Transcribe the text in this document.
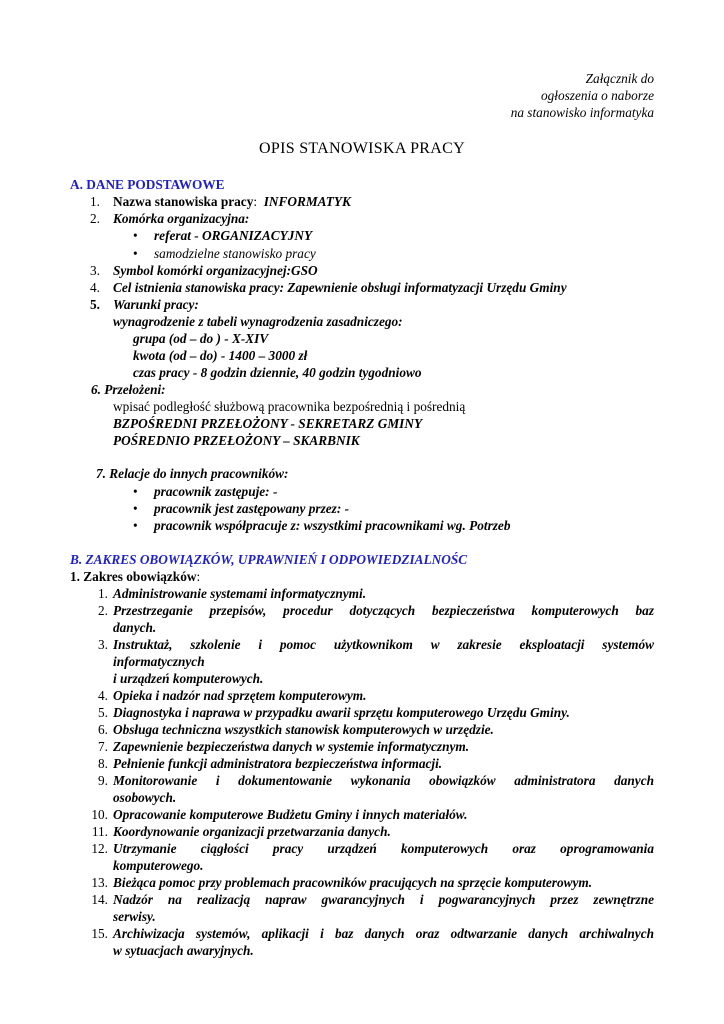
Załącznik do
ogłoszenia o naborze
na stanowisko informatyka
OPIS STANOWISKA PRACY
A. DANE PODSTAWOWE
1. Nazwa stanowiska pracy:  INFORMATYK
2. Komórka organizacyjna:
• referat - ORGANIZACYJNY
• samodzielne stanowisko pracy
3. Symbol komórki organizacyjnej:GSO
4. Cel istnienia stanowiska pracy: Zapewnienie obsługi informatyzacji Urzędu Gminy
5. Warunki pracy:
wynagrodzenie z tabeli wynagrodzenia zasadniczego:
grupa (od – do ) - X-XIV
kwota (od – do) - 1400 – 3000 zł
czas pracy - 8 godzin dziennie, 40 godzin tygodniowo
6. Przełożeni:
wpisać podległość służbową pracownika bezpośrednią i pośrednią
BZPOŚREDNI PRZEŁOŻONY - SEKRETARZ GMINY
POŚREDNIO PRZEŁOŻONY – SKARBNIK
7. Relacje do innych pracowników:
• pracownik zastępuje: -
• pracownik jest zastępowany przez: -
• pracownik współpracuje z: wszystkimi pracownikami wg. Potrzeb
B. ZAKRES OBOWIĄZKÓW, UPRAWNIEŃ I ODPOWIEDZIALNOŚC
1. Zakres obowiązków:
1. Administrowanie systemami informatycznymi.
2. Przestrzeganie przepisów, procedur dotyczących bezpieczeństwa komputerowych baz
danych.
3. Instruktaż, szkolenie i pomoc użytkownikom w zakresie eksploatacji systemów
informatycznych
i urządzeń komputerowych.
4. Opieka i nadzór nad sprzętem komputerowym.
5. Diagnostyka i naprawa w przypadku awarii sprzętu komputerowego Urzędu Gminy.
6. Obsługa techniczna wszystkich stanowisk komputerowych w urzędzie.
7. Zapewnienie bezpieczeństwa danych w systemie informatycznym.
8. Pełnienie funkcji administratora bezpieczeństwa informacji.
9. Monitorowanie i dokumentowanie wykonania obowiązków administratora danych
osobowych.
10. Opracowanie komputerowe Budżetu Gminy i innych materiałów.
11. Koordynowanie organizacji przetwarzania danych.
12. Utrzymanie ciągłości pracy urządzeń komputerowych oraz oprogramowania
komputerowego.
13. Bieżąca pomoc przy problemach pracowników pracujących na sprzęcie komputerowym.
14. Nadzór na realizacją napraw gwarancyjnych i pogwarancyjnych przez zewnętrzne
serwisy.
15. Archiwizacja systemów, aplikacji i baz danych oraz odtwarzanie danych archiwalnych
w sytuacjach awaryjnych.
